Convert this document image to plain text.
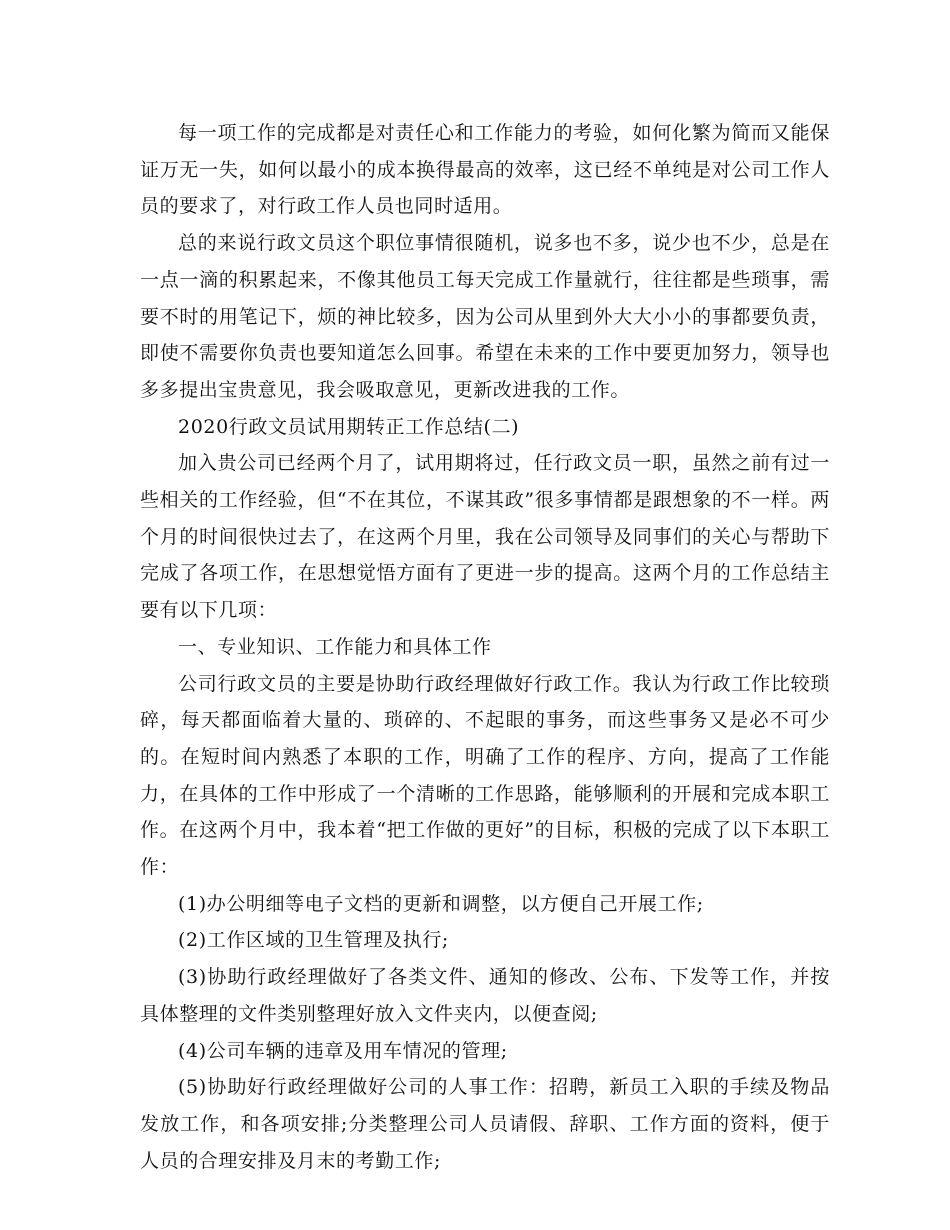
每一项工作的完成都是对责任心和工作能力的考验，如何化繁为简而又能保证万无一失，如何以最小的成本换得最高的效率，这已经不单纯是对公司工作人员的要求了，对行政工作人员也同时适用。

总的来说行政文员这个职位事情很随机，说多也不多，说少也不少，总是在一点一滴的积累起来，不像其他员工每天完成工作量就行，往往都是些琐事，需要不时的用笔记下，烦的神比较多，因为公司从里到外大大小小的事都要负责，即使不需要你负责也要知道怎么回事。希望在未来的工作中要更加努力，领导也多多提出宝贵意见，我会吸取意见，更新改进我的工作。

2020行政文员试用期转正工作总结(二)

加入贵公司已经两个月了，试用期将过，任行政文员一职，虽然之前有过一些相关的工作经验，但“不在其位，不谋其政”很多事情都是跟想象的不一样。两个月的时间很快过去了，在这两个月里，我在公司领导及同事们的关心与帮助下完成了各项工作，在思想觉悟方面有了更进一步的提高。这两个月的工作总结主要有以下几项：

一、专业知识、工作能力和具体工作

公司行政文员的主要是协助行政经理做好行政工作。我认为行政工作比较琐碎，每天都面临着大量的、琐碎的、不起眼的事务，而这些事务又是必不可少的。在短时间内熟悉了本职的工作，明确了工作的程序、方向，提高了工作能力，在具体的工作中形成了一个清晰的工作思路，能够顺利的开展和完成本职工作。在这两个月中，我本着“把工作做的更好”的目标，积极的完成了以下本职工作：

(1)办公明细等电子文档的更新和调整，以方便自己开展工作;

(2)工作区域的卫生管理及执行;

(3)协助行政经理做好了各类文件、通知的修改、公布、下发等工作，并按具体整理的文件类别整理好放入文件夹内，以便查阅;

(4)公司车辆的违章及用车情况的管理;

(5)协助好行政经理做好公司的人事工作：招聘，新员工入职的手续及物品发放工作，和各项安排;分类整理公司人员请假、辞职、工作方面的资料，便于人员的合理安排及月末的考勤工作;
